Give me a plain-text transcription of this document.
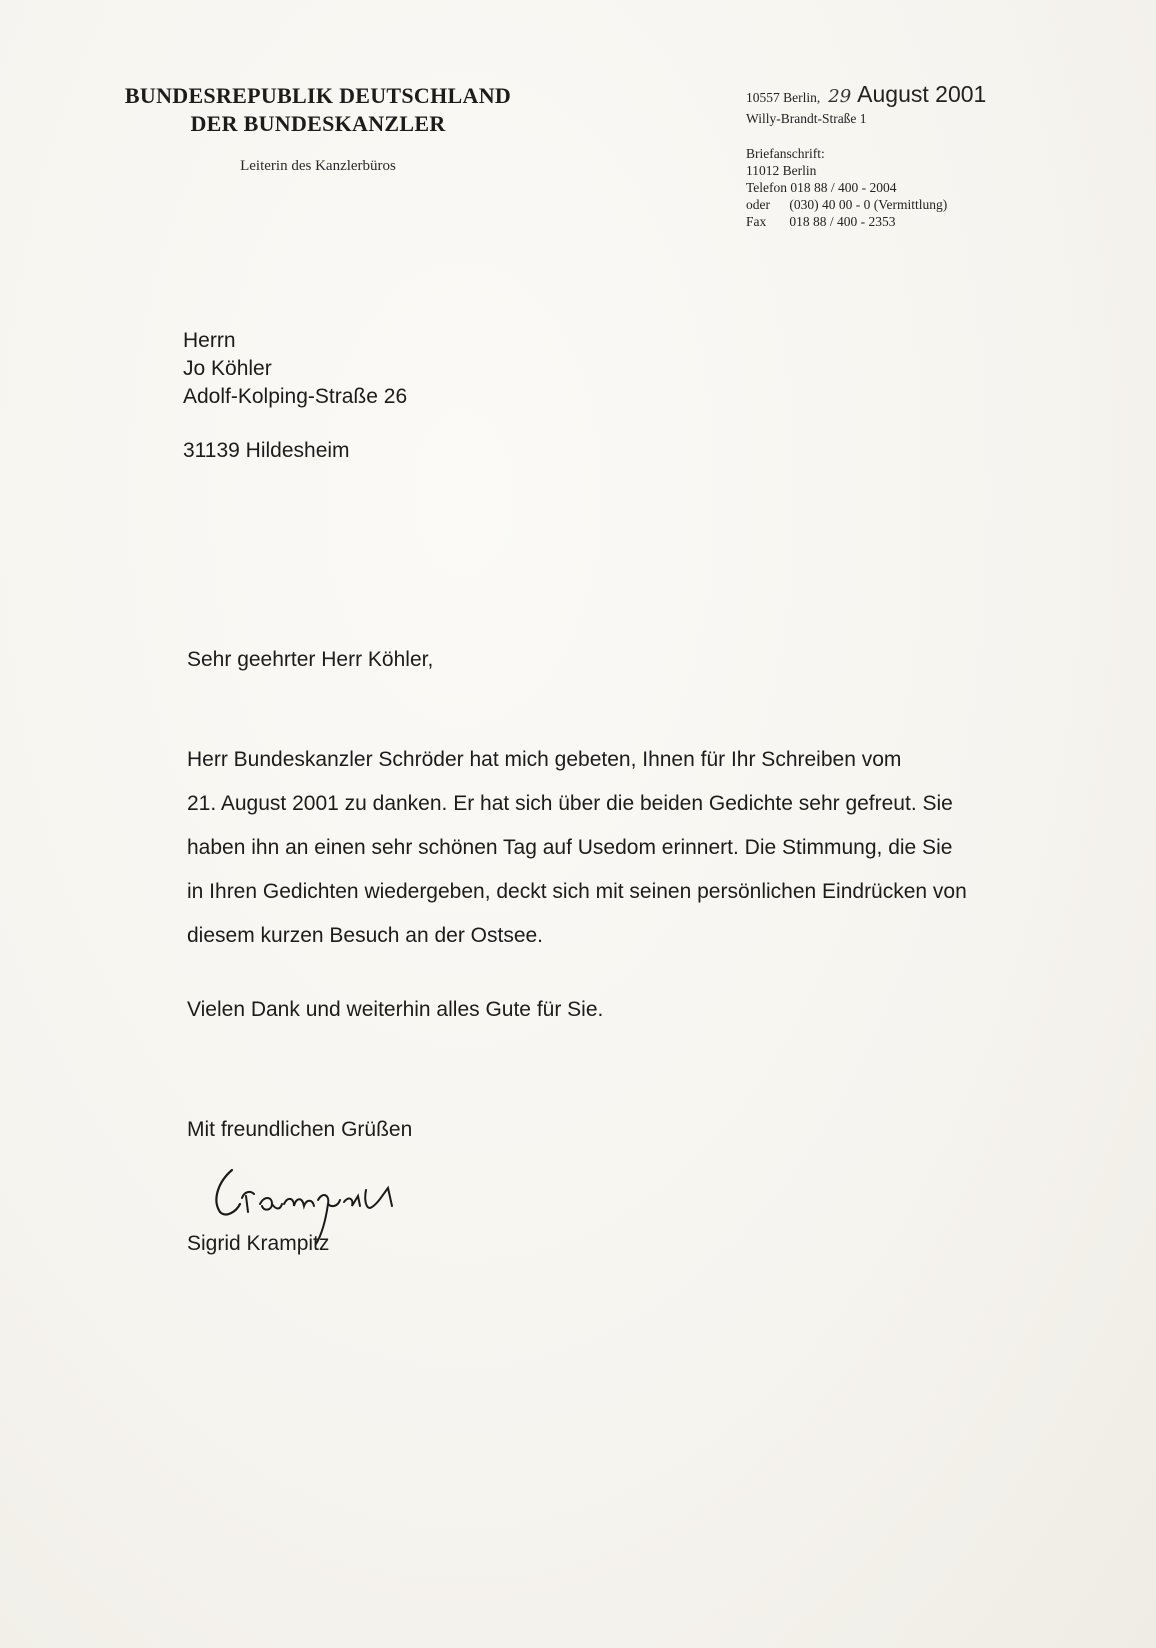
BUNDESREPUBLIK DEUTSCHLAND
DER BUNDESKANZLER
Leiterin des Kanzlerbüros
10557 Berlin, 29 August 2001
Willy-Brandt-Straße 1
Briefanschrift:
11012 Berlin
Telefon
018 88 / 400 - 2004
oder
	(030) 40 00 - 0 (Vermittlung)
Fax
	018 88 / 400 - 2353
Herrn
Jo Köhler
Adolf-Kolping-Straße 26
31139 Hildesheim
Sehr geehrter Herr Köhler,
Herr Bundeskanzler Schröder hat mich gebeten, Ihnen für Ihr Schreiben vom
21. August 2001 zu danken. Er hat sich über die beiden Gedichte sehr gefreut. Sie
haben ihn an einen sehr schönen Tag auf Usedom erinnert. Die Stimmung, die Sie
in Ihren Gedichten wiedergeben, deckt sich mit seinen persönlichen Eindrücken von
diesem kurzen Besuch an der Ostsee.
Vielen Dank und weiterhin alles Gute für Sie.
Mit freundlichen Grüßen
Sigrid Krampitz
